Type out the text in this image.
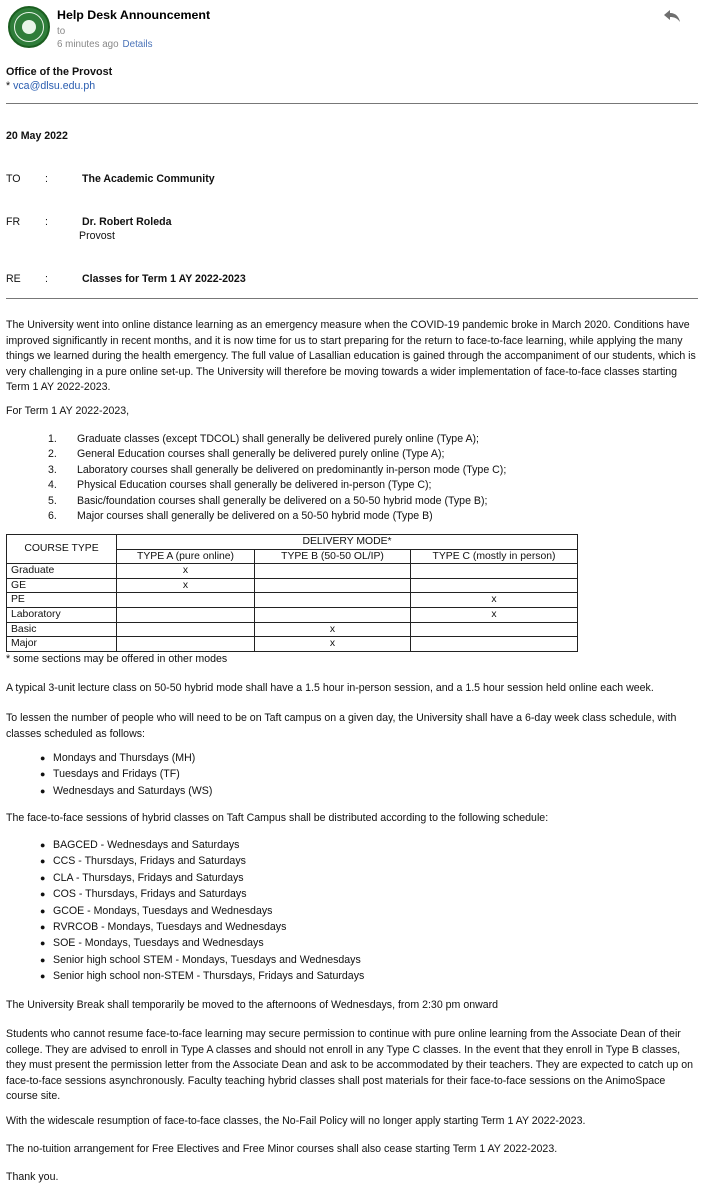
Help Desk Announcement
to
6 minutes ago Details
Office of the Provost
* vca@dlsu.edu.ph
20 May 2022
TO :	The Academic Community
FR :	Dr. Robert Roleda
Provost
RE :	Classes for Term 1 AY 2022-2023
The University went into online distance learning as an emergency measure when the COVID-19 pandemic broke in March 2020. Conditions have improved significantly in recent months, and it is now time for us to start preparing for the return to face-to-face learning, while applying the many things we learned during the health emergency. The full value of Lasallian education is gained through the accompaniment of our students, which is very challenging in a pure online set-up. The University will therefore be moving towards a wider implementation of face-to-face classes starting Term 1 AY 2022-2023.
For Term 1 AY 2022-2023,
1.	Graduate classes (except TDCOL) shall generally be delivered purely online (Type A);
2.	General Education courses shall generally be delivered purely online (Type A);
3.	Laboratory courses shall generally be delivered on predominantly in-person mode (Type C);
4.	Physical Education courses shall generally be delivered in-person (Type C);
5.	Basic/foundation courses shall generally be delivered on a 50-50 hybrid mode (Type B);
6.	Major courses shall generally be delivered on a 50-50 hybrid mode (Type B)
COURSE TYPE	DELIVERY MODE*		
	TYPE A (pure online)	TYPE B (50-50 OL/IP)	TYPE C (mostly in person)
Graduate	x		
GE	x		
PE			x
Laboratory			x
Basic		x	
Major		x	
* some sections may be offered in other modes
A typical 3-unit lecture class on 50-50 hybrid mode shall have a 1.5 hour in-person session, and a 1.5 hour session held online each week.
To lessen the number of people who will need to be on Taft campus on a given day, the University shall have a 6-day week class schedule, with classes scheduled as follows:
● Mondays and Thursdays (MH)
● Tuesdays and Fridays (TF)
● Wednesdays and Saturdays (WS)
The face-to-face sessions of hybrid classes on Taft Campus shall be distributed according to the following schedule:
● BAGCED - Wednesdays and Saturdays
● CCS - Thursdays, Fridays and Saturdays
● CLA - Thursdays, Fridays and Saturdays
● COS - Thursdays, Fridays and Saturdays
● GCOE - Mondays, Tuesdays and Wednesdays
● RVRCOB - Mondays, Tuesdays and Wednesdays
● SOE - Mondays, Tuesdays and Wednesdays
● Senior high school STEM - Mondays, Tuesdays and Wednesdays
● Senior high school non-STEM - Thursdays, Fridays and Saturdays
The University Break shall temporarily be moved to the afternoons of Wednesdays, from 2:30 pm onward
Students who cannot resume face-to-face learning may secure permission to continue with pure online learning from the Associate Dean of their college. They are advised to enroll in Type A classes and should not enroll in any Type C classes. In the event that they enroll in Type B classes, they must present the permission letter from the Associate Dean and ask to be accommodated by their teachers. They are expected to catch up on face-to-face sessions asynchronously. Faculty teaching hybrid classes shall post materials for their face-to-face sessions on the AnimoSpace course site.
With the widescale resumption of face-to-face classes, the No-Fail Policy will no longer apply starting Term 1 AY 2022-2023.
The no-tuition arrangement for Free Electives and Free Minor courses shall also cease starting Term 1 AY 2022-2023.
Thank you.
